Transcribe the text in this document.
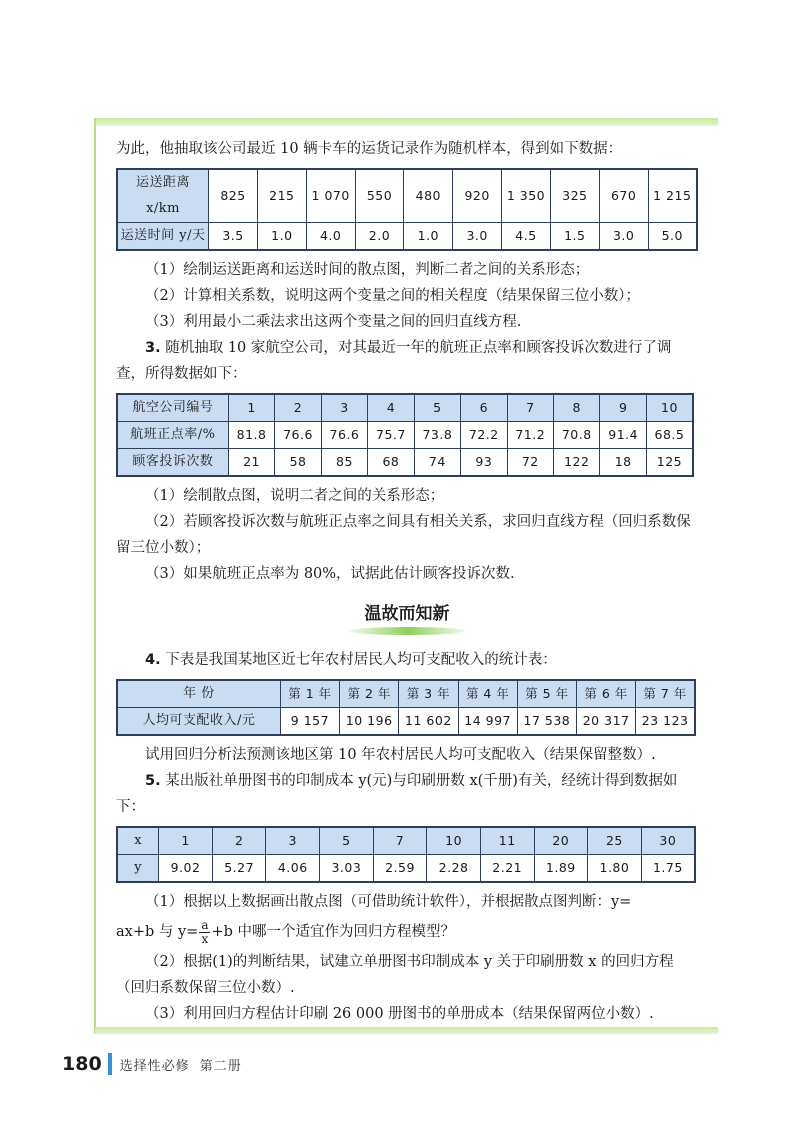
为此，他抽取该公司最近 10 辆卡车的运货记录作为随机样本，得到如下数据：

运送距离 x/km	825	215	1 070	550	480	920	1 350	325	670	1 215
运送时间 y/天	3.5	1.0	4.0	2.0	1.0	3.0	4.5	1.5	3.0	5.0

（1）绘制运送距离和运送时间的散点图，判断二者之间的关系形态；

（2）计算相关系数，说明这两个变量之间的相关程度（结果保留三位小数）；

（3）利用最小二乘法求出这两个变量之间的回归直线方程.

3. 随机抽取 10 家航空公司，对其最近一年的航班正点率和顾客投诉次数进行了调查，所得数据如下：

航空公司编号	1	2	3	4	5	6	7	8	9	10
航班正点率/%	81.8	76.6	76.6	75.7	73.8	72.2	71.2	70.8	91.4	68.5
顾客投诉次数	21	58	85	68	74	93	72	122	18	125

（1）绘制散点图，说明二者之间的关系形态；

（2）若顾客投诉次数与航班正点率之间具有相关关系，求回归直线方程（回归系数保留三位小数）；

（3）如果航班正点率为 80%，试据此估计顾客投诉次数.

温故而知新

4. 下表是我国某地区近七年农村居民人均可支配收入的统计表：

年 份	第 1 年	第 2 年	第 3 年	第 4 年	第 5 年	第 6 年	第 7 年
人均可支配收入/元	9 157	10 196	11 602	14 997	17 538	20 317	23 123

试用回归分析法预测该地区第 10 年农村居民人均可支配收入（结果保留整数）.

5. 某出版社单册图书的印制成本 y(元)与印刷册数 x(千册)有关，经统计得到数据如下：

x	1	2	3	5	7	10	11	20	25	30
y	9.02	5.27	4.06	3.03	2.59	2.28	2.21	1.89	1.80	1.75

（1）根据以上数据画出散点图（可借助统计软件），并根据散点图判断：y=

ax+b 与 $y= \frac{a}{x} +b$ 中哪一个适宜作为回归方程模型？

（2）根据(1)的判断结果，试建立单册图书印制成本 y 关于印刷册数 x 的回归方程（回归系数保留三位小数）.

（3）利用回归方程估计印刷 26 000 册图书的单册成本（结果保留两位小数）.

180 选择性必修 第二册
